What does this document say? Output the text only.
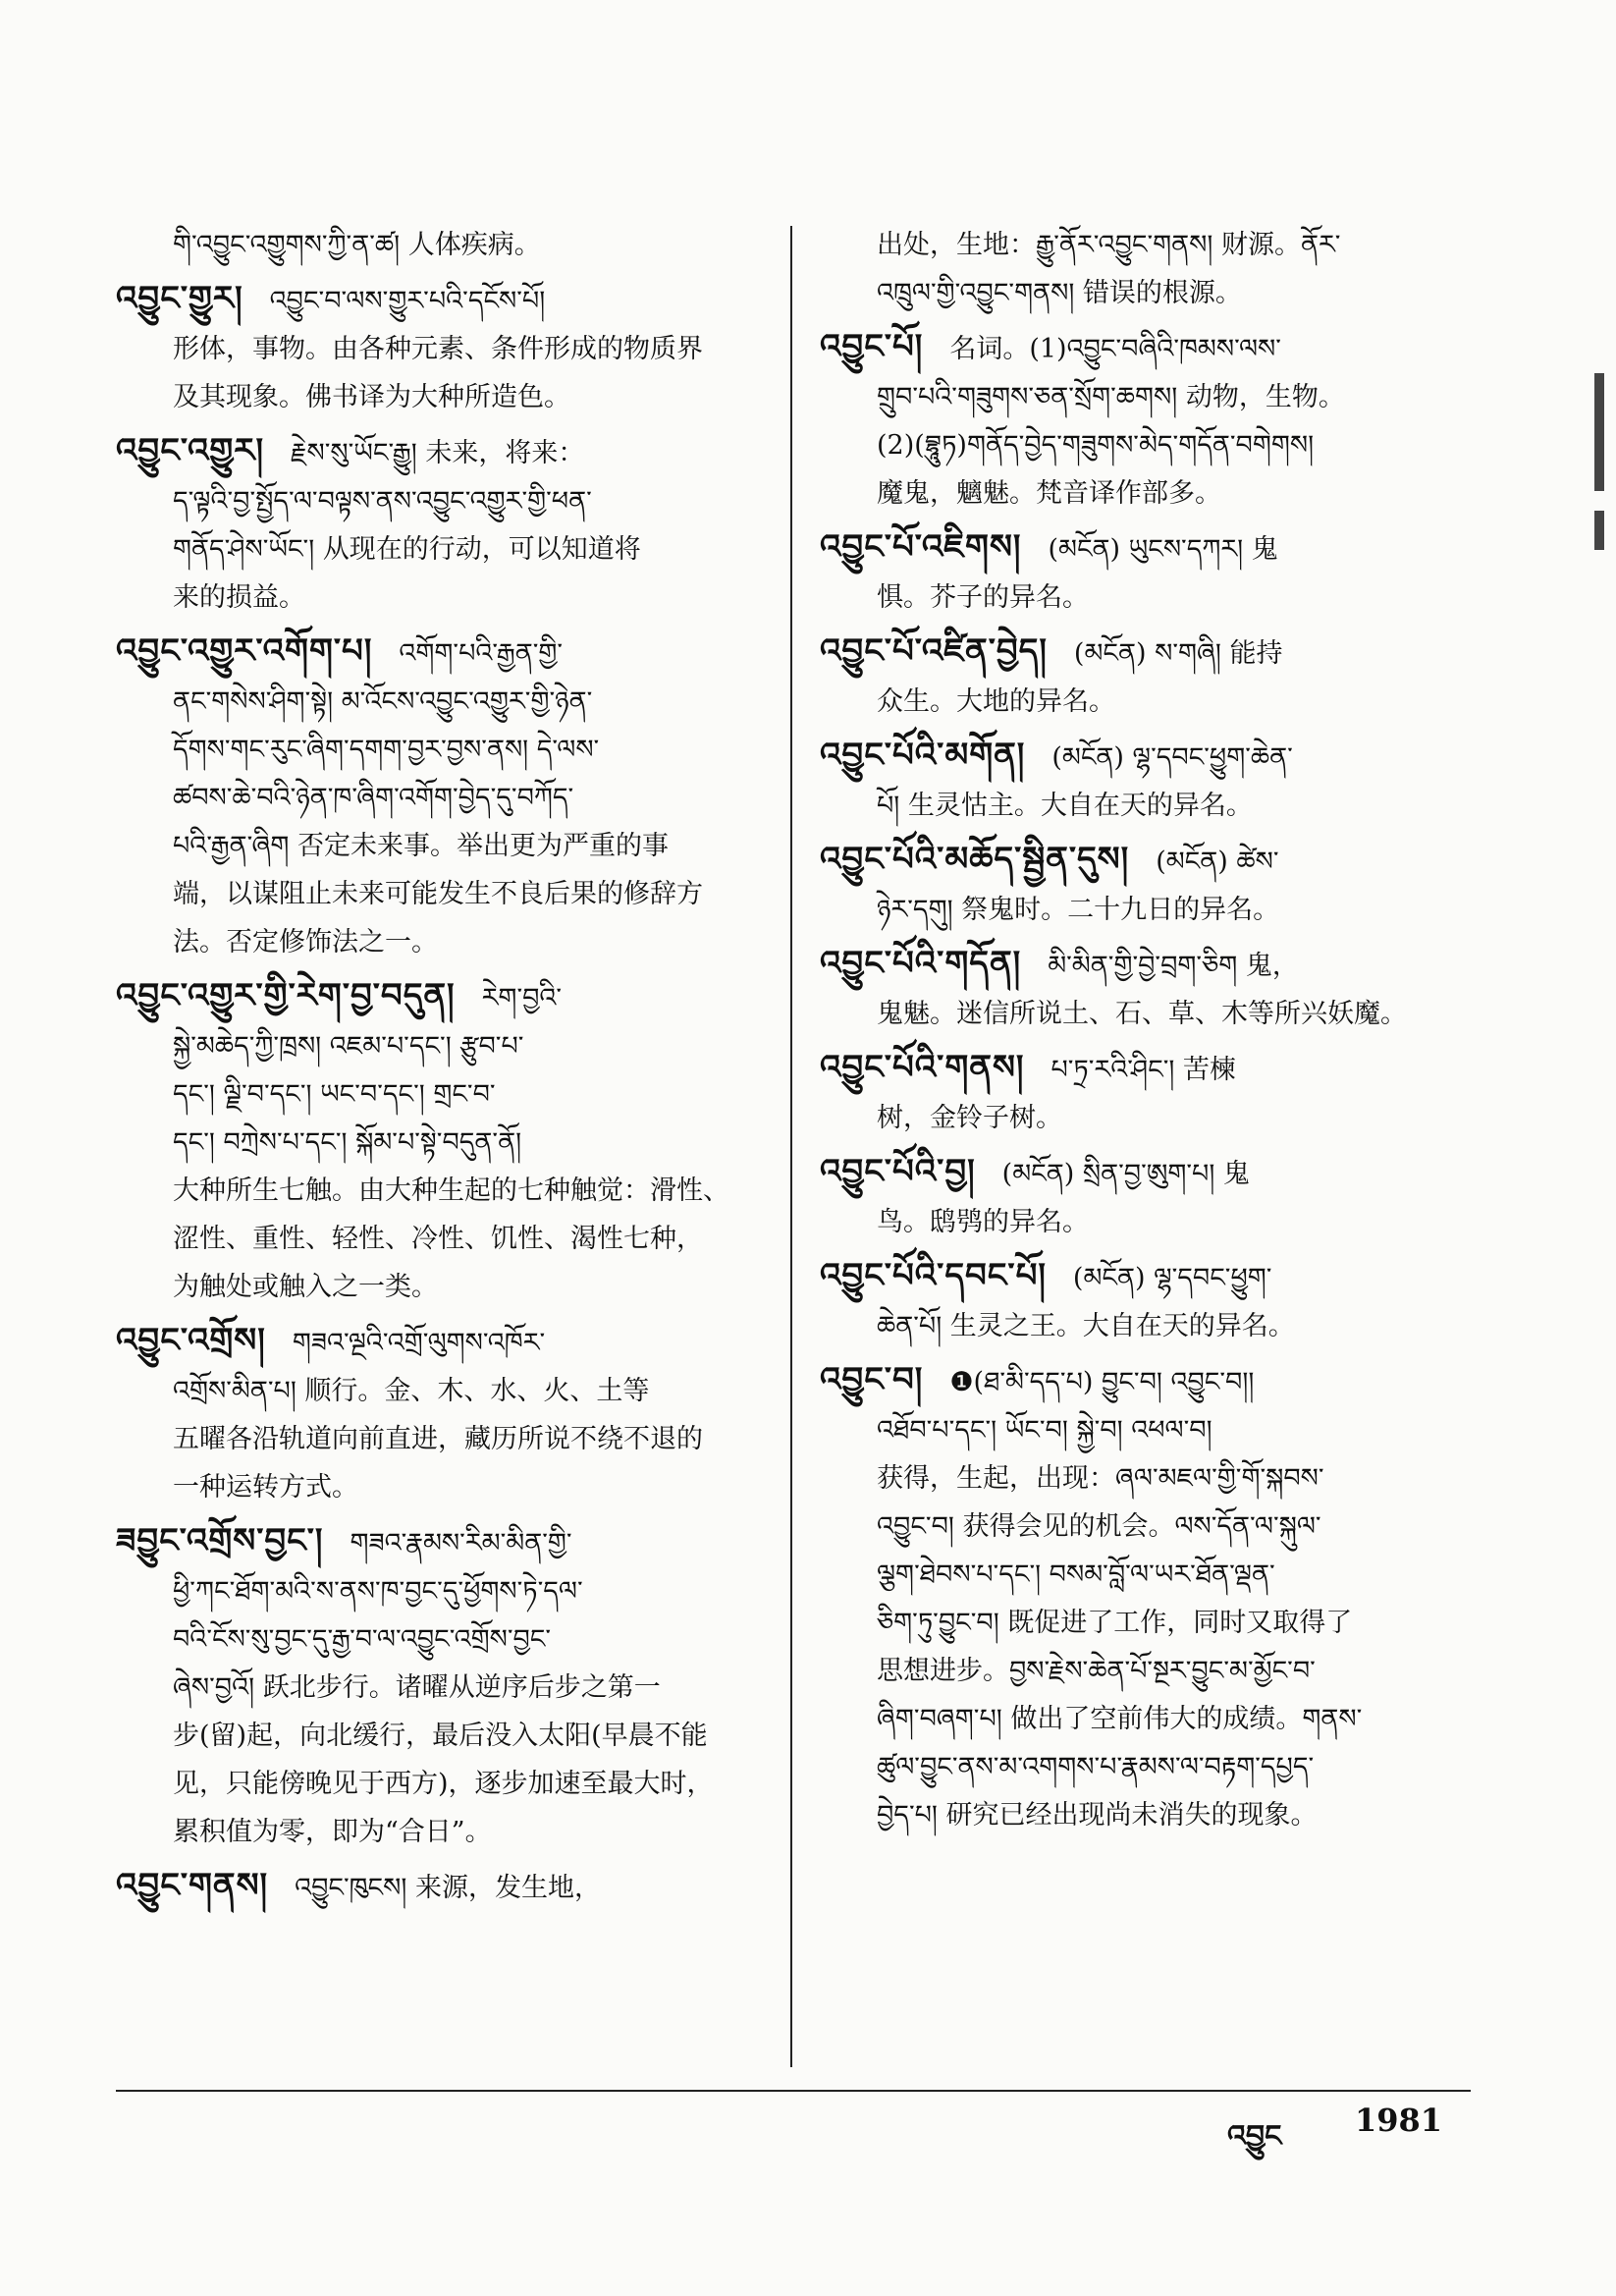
གི་འབྱུང་འགྱུགས་ཀྱི་ན་ཚ། 人体疾病。
འབྱུང་གྱུར།  འབྱུང་བ་ལས་གྱུར་པའི་དངོས་པོ།
形体，事物。由各种元素、条件形成的物质界
及其现象。佛书译为大种所造色。
འབྱུང་འགྱུར།  རྗེས་སུ་ཡོང་རྒྱུ། 未来，将来：
ད་ལྟའི་བྱ་སྤྱོད་ལ་བལྟས་ནས་འབྱུང་འགྱུར་གྱི་ཕན་
གནོད་ཤེས་ཡོང་། 从现在的行动，可以知道将
来的损益。
འབྱུང་འགྱུར་འགོག་པ།  འགོག་པའི་རྒྱན་གྱི་
ནང་གསེས་ཤིག་སྟེ། མ་འོངས་འབྱུང་འགྱུར་གྱི་ཉེན་
དོགས་གང་རུང་ཞིག་དགག་བྱར་བྱས་ནས། དེ་ལས་
ཚབས་ཆེ་བའི་ཉེན་ཁ་ཞིག་འགོག་བྱེད་དུ་བཀོད་
པའི་རྒྱན་ཞིག 否定未来事。举出更为严重的事
端，以谋阻止未来可能发生不良后果的修辞方
法。否定修饰法之一。
འབྱུང་འགྱུར་གྱི་རེག་བྱ་བདུན།  རེག་བྱའི་
སྐྱེ་མཆེད་ཀྱི་ཁྲས། འཇམ་པ་དང་། རྩུབ་པ་
དང་། ལྗི་བ་དང་། ཡང་བ་དང་། གྲང་བ་
དང་། བཀྲེས་པ་དང་། སྐོམ་པ་སྟེ་བདུན་ནོ།
大种所生七触。由大种生起的七种触觉：滑性、
涩性、重性、轻性、冷性、饥性、渴性七种，
为触处或触入之一类。
འབྱུང་འགྲོས།  གཟའ་ལྔའི་འགྲོ་ལུགས་འཁོར་
འགྲོས་མིན་པ། 顺行。金、木、水、火、土等
五曜各沿轨道向前直进，藏历所说不绕不退的
一种运转方式。
ཟབྱུང་འགྲོས་བྱང་།  གཟའ་རྣམས་རིམ་མིན་གྱི་
ཕྱི་ཀང་ཐོག་མའི་ས་ནས་ཁ་བྱང་དུ་ཕྱོགས་ཏེ་དལ་
བའི་ངོས་སུ་བྱང་དུ་རྒྱ་བ་ལ་འབྱུང་འགྲོས་བྱང་
ཞེས་བྱའོ། 跃北步行。诸曜从逆序后步之第一
步(留)起，向北缓行，最后没入太阳(早晨不能
见，只能傍晚见于西方)，逐步加速至最大时，
累积值为零，即为“合日”。
འབྱུང་གནས།  འབྱུང་ཁུངས། 来源，发生地，
出处，生地：རྒྱུ་ནོར་འབྱུང་གནས། 财源。ནོར་
འཁྲུལ་གྱི་འབྱུང་གནས། 错误的根源。
འབྱུང་པོ།  名词。(1)འབྱུང་བཞིའི་ཁམས་ལས་
གྲུབ་པའི་གཟུགས་ཅན་སྲོག་ཆགས། 动物，生物。
(2)(བྷཱུཏ)གནོད་བྱེད་གཟུགས་མེད་གདོན་བགེགས།
魔鬼，魑魅。梵音译作部多。
འབྱུང་པོ་འཇིགས།  (མངོན) ཡུངས་དཀར། 鬼
惧。芥子的异名。
འབྱུང་པོ་འཛིན་བྱེད།  (མངོན) ས་གཞི། 能持
众生。大地的异名。
འབྱུང་པོའི་མགོན།  (མངོན) ལྷ་དབང་ཕྱུག་ཆེན་
པོ། 生灵怙主。大自在天的异名。
འབྱུང་པོའི་མཆོད་སྦྱིན་དུས།  (མངོན) ཚེས་
ཉེར་དགུ། 祭鬼时。二十九日的异名。
འབྱུང་པོའི་གདོན།  མི་མིན་གྱི་བྱེ་བྲག་ཅིག 鬼，
鬼魅。迷信所说土、石、草、木等所兴妖魔。
འབྱུང་པོའི་གནས།  པ་ཏྲ་རའི་ཤིང་། 苦楝
树，金铃子树。
འབྱུང་པོའི་བྱ།  (མངོན) སྲིན་བྱ་ཨུག་པ། 鬼
鸟。鸱鸮的异名。
འབྱུང་པོའི་དབང་པོ།  (མངོན) ལྷ་དབང་ཕྱུག་
ཆེན་པོ། 生灵之王。大自在天的异名。
འབྱུང་བ།  ❶(ཐ་མི་དད་པ) བྱུང་བ། འབྱུང་བ།།
འཐོབ་པ་དང་། ཡོང་བ། སྐྱེ་བ། འཕལ་བ།
获得，生起，出现：ཞལ་མཇལ་གྱི་གོ་སྐབས་
འབྱུང་བ། 获得会见的机会。ལས་དོན་ལ་སྐུལ་
ལྕག་ཐེབས་པ་དང་། བསམ་བློ་ལ་ཡར་ཐོན་ལྡན་
ཅིག་ཏུ་བྱུང་བ། 既促进了工作，同时又取得了
思想进步。བྱས་རྗེས་ཆེན་པོ་སྔར་བྱུང་མ་མྱོང་བ་
ཞིག་བཞག་པ། 做出了空前伟大的成绩。གནས་
ཚུལ་བྱུང་ནས་མ་འགགས་པ་རྣམས་ལ་བརྟག་དཔྱད་
བྱེད་པ། 研究已经出现尚未消失的现象。
འབྱུང 1981
